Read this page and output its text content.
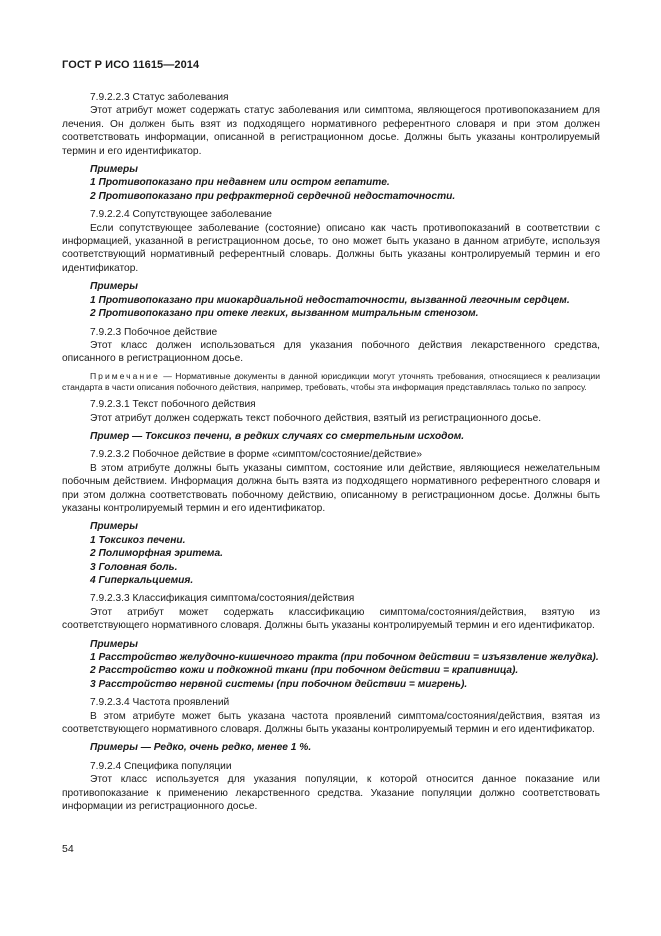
ГОСТ Р ИСО 11615—2014

7.9.2.2.3 Статус заболевания

Этот атрибут может содержать статус заболевания или симптома, являющегося противопоказанием для лечения. Он должен быть взят из подходящего нормативного референтного словаря и при этом должен соответствовать информации, описанной в регистрационном досье. Должны быть указаны контролируемый термин и его идентификатор.

Примеры

1 Противопоказано при недавнем или остром гепатите.

2 Противопоказано при рефрактерной сердечной недостаточности.

7.9.2.2.4 Сопутствующее заболевание

Если сопутствующее заболевание (состояние) описано как часть противопоказаний в соответствии с информацией, указанной в регистрационном досье, то оно может быть указано в данном атрибуте, используя соответствующий нормативный референтный словарь. Должны быть указаны контролируемый термин и его идентификатор.

Примеры

1 Противопоказано при миокардиальной недостаточности, вызванной легочным сердцем.

2 Противопоказано при отеке легких, вызванном митральным стенозом.

7.9.2.3 Побочное действие

Этот класс должен использоваться для указания побочного действия лекарственного средства, описанного в регистрационном досье.

Примечание — Нормативные документы в данной юрисдикции могут уточнять требования, относящиеся к реализации стандарта в части описания побочного действия, например, требовать, чтобы эта информация представлялась только по запросу.

7.9.2.3.1 Текст побочного действия

Этот атрибут должен содержать текст побочного действия, взятый из регистрационного досье.

Пример — Токсикоз печени, в редких случаях со смертельным исходом.

7.9.2.3.2 Побочное действие в форме «симптом/состояние/действие»

В этом атрибуте должны быть указаны симптом, состояние или действие, являющиеся нежелательным побочным действием. Информация должна быть взята из подходящего нормативного референтного словаря и при этом должна соответствовать побочному действию, описанному в регистрационном досье. Должны быть указаны контролируемый термин и его идентификатор.

Примеры

1 Токсикоз печени.

2 Полиморфная эритема.

3 Головная боль.

4 Гиперкальциемия.

7.9.2.3.3 Классификация симптома/состояния/действия

Этот атрибут может содержать классификацию симптома/состояния/действия, взятую из соответствующего нормативного словаря. Должны быть указаны контролируемый термин и его идентификатор.

Примеры

1 Расстройство желудочно-кишечного тракта (при побочном действии = изъязвление желудка).

2 Расстройство кожи и подкожной ткани (при побочном действии = крапивница).

3 Расстройство нервной системы (при побочном действии = мигрень).

7.9.2.3.4 Частота проявлений

В этом атрибуте может быть указана частота проявлений симптома/состояния/действия, взятая из соответствующего нормативного словаря. Должны быть указаны контролируемый термин и его идентификатор.

Примеры — Редко, очень редко, менее 1 %.

7.9.2.4 Специфика популяции

Этот класс используется для указания популяции, к которой относится данное показание или противопоказание к применению лекарственного средства. Указание популяции должно соответствовать информации из регистрационного досье.

54
